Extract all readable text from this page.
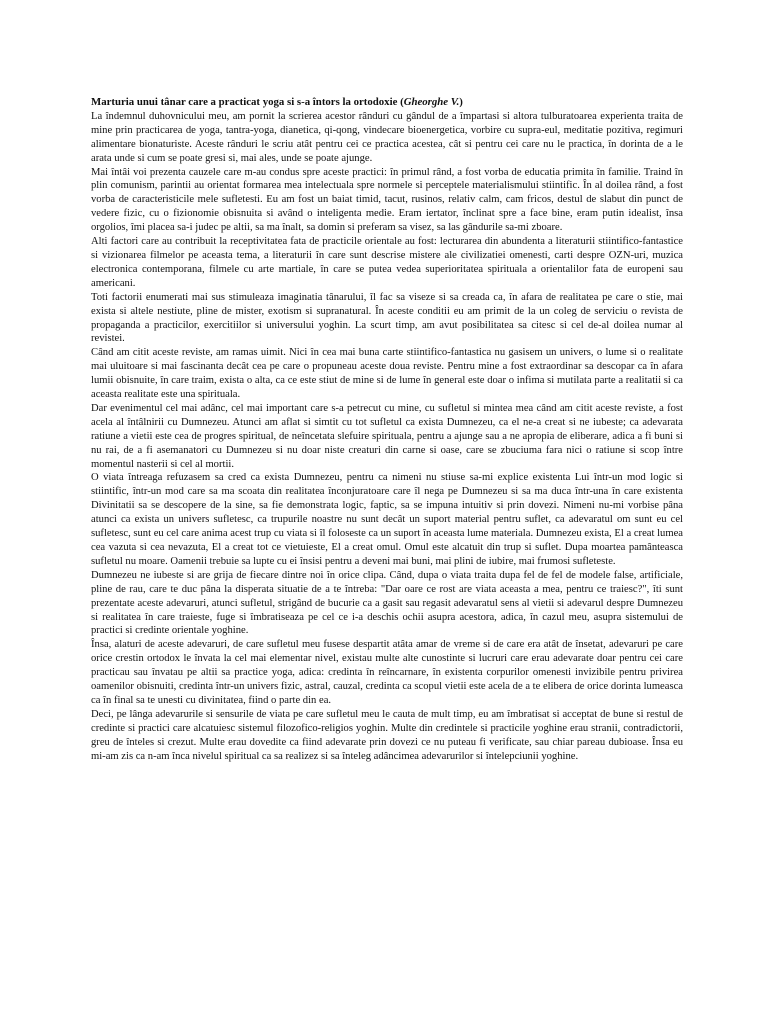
Marturia unui tânar care a practicat yoga si s-a întors la ortodoxie (Gheorghe V.)

La îndemnul duhovnicului meu, am pornit la scrierea acestor rânduri cu gândul de a împartasi si altora tulburatoarea experienta traita de mine prin practicarea de yoga, tantra-yoga, dianetica, qi-qong, vindecare bioenergetica, vorbire cu supra-eul, meditatie pozitiva, regimuri alimentare bionaturiste. Aceste rânduri le scriu atât pentru cei ce practica acestea, cât si pentru cei care nu le practica, în dorinta de a le arata unde si cum se poate gresi si, mai ales, unde se poate ajunge.

Mai întâi voi prezenta cauzele care m-au condus spre aceste practici: în primul rând, a fost vorba de educatia primita în familie. Traind în plin comunism, parintii au orientat formarea mea intelectuala spre normele si perceptele materialismului stiintific. În al doilea rând, a fost vorba de caracteristicile mele sufletesti. Eu am fost un baiat timid, tacut, rusinos, relativ calm, cam fricos, destul de slabut din punct de vedere fizic, cu o fizionomie obisnuita si având o inteligenta medie. Eram iertator, înclinat spre a face bine, eram putin idealist, însa orgolios, îmi placea sa-i judec pe altii, sa ma înalt, sa domin si preferam sa visez, sa las gândurile sa-mi zboare.

Alti factori care au contribuit la receptivitatea fata de practicile orientale au fost: lecturarea din abundenta a literaturii stiintifico-fantastice si vizionarea filmelor pe aceasta tema, a literaturii în care sunt descrise mistere ale civilizatiei omenesti, carti despre OZN-uri, muzica electronica contemporana, filmele cu arte martiale, în care se putea vedea superioritatea spirituala a orientalilor fata de europeni sau americani.

Toti factorii enumerati mai sus stimuleaza imaginatia tânarului, îl fac sa viseze si sa creada ca, în afara de realitatea pe care o stie, mai exista si altele nestiute, pline de mister, exotism si supranatural. În aceste conditii eu am primit de la un coleg de serviciu o revista de propaganda a practicilor, exercitiilor si universului yoghin. La scurt timp, am avut posibilitatea sa citesc si cel de-al doilea numar al revistei.

Când am citit aceste reviste, am ramas uimit. Nici în cea mai buna carte stiintifico-fantastica nu gasisem un univers, o lume si o realitate mai uluitoare si mai fascinanta decât cea pe care o propuneau aceste doua reviste. Pentru mine a fost extraordinar sa descopar ca în afara lumii obisnuite, în care traim, exista o alta, ca ce este stiut de mine si de lume în general este doar o infima si mutilata parte a realitatii si ca aceasta realitate este una spirituala.

Dar evenimentul cel mai adânc, cel mai important care s-a petrecut cu mine, cu sufletul si mintea mea când am citit aceste reviste, a fost acela al întâlnirii cu Dumnezeu. Atunci am aflat si simtit cu tot sufletul ca exista Dumnezeu, ca el ne-a creat si ne iubeste; ca adevarata ratiune a vietii este cea de progres spiritual, de neîncetata slefuire spirituala, pentru a ajunge sau a ne apropia de eliberare, adica a fi buni si nu rai, de a fi asemanatori cu Dumnezeu si nu doar niste creaturi din carne si oase, care se zbuciuma fara nici o ratiune si scop între momentul nasterii si cel al mortii.

O viata întreaga refuzasem sa cred ca exista Dumnezeu, pentru ca nimeni nu stiuse sa-mi explice existenta Lui într-un mod logic si stiintific, într-un mod care sa ma scoata din realitatea înconjuratoare care îl nega pe Dumnezeu si sa ma duca într-una în care existenta Divinitatii sa se descopere de la sine, sa fie demonstrata logic, faptic, sa se impuna intuitiv si prin dovezi. Nimeni nu-mi vorbise pâna atunci ca exista un univers sufletesc, ca trupurile noastre nu sunt decât un suport material pentru suflet, ca adevaratul om sunt eu cel sufletesc, sunt eu cel care anima acest trup cu viata si îl foloseste ca un suport în aceasta lume materiala. Dumnezeu exista, El a creat lumea cea vazuta si cea nevazuta, El a creat tot ce vietuieste, El a creat omul. Omul este alcatuit din trup si suflet. Dupa moartea pamânteasca sufletul nu moare. Oamenii trebuie sa lupte cu ei însisi pentru a deveni mai buni, mai plini de iubire, mai frumosi sufleteste.

Dumnezeu ne iubeste si are grija de fiecare dintre noi în orice clipa. Când, dupa o viata traita dupa fel de fel de modele false, artificiale, pline de rau, care te duc pâna la disperata situatie de a te întreba: "Dar oare ce rost are viata aceasta a mea, pentru ce traiesc?", îti sunt prezentate aceste adevaruri, atunci sufletul, strigând de bucurie ca a gasit sau regasit adevaratul sens al vietii si adevarul despre Dumnezeu si realitatea în care traieste, fuge si îmbratiseaza pe cel ce i-a deschis ochii asupra acestora, adica, în cazul meu, asupra sistemului de practici si credinte orientale yoghine.

Însa, alaturi de aceste adevaruri, de care sufletul meu fusese despartit atâta amar de vreme si de care era atât de însetat, adevaruri pe care orice crestin ortodox le învata la cel mai elementar nivel, existau multe alte cunostinte si lucruri care erau adevarate doar pentru cei care practicau sau învatau pe altii sa practice yoga, adica: credinta în reîncarnare, în existenta corpurilor omenesti invizibile pentru privirea oamenilor obisnuiti, credinta într-un univers fizic, astral, cauzal, credinta ca scopul vietii este acela de a te elibera de orice dorinta lumeasca ca în final sa te unesti cu divinitatea, fiind o parte din ea.

Deci, pe lânga adevarurile si sensurile de viata pe care sufletul meu le cauta de mult timp, eu am îmbratisat si acceptat de bune si restul de credinte si practici care alcatuiesc sistemul filozofico-religios yoghin. Multe din credintele si practicile yoghine erau stranii, contradictorii, greu de înteles si crezut. Multe erau dovedite ca fiind adevarate prin dovezi ce nu puteau fi verificate, sau chiar pareau dubioase. Însa eu mi-am zis ca n-am înca nivelul spiritual ca sa realizez si sa înteleg adâncimea adevarurilor si întelepciunii yoghine.
